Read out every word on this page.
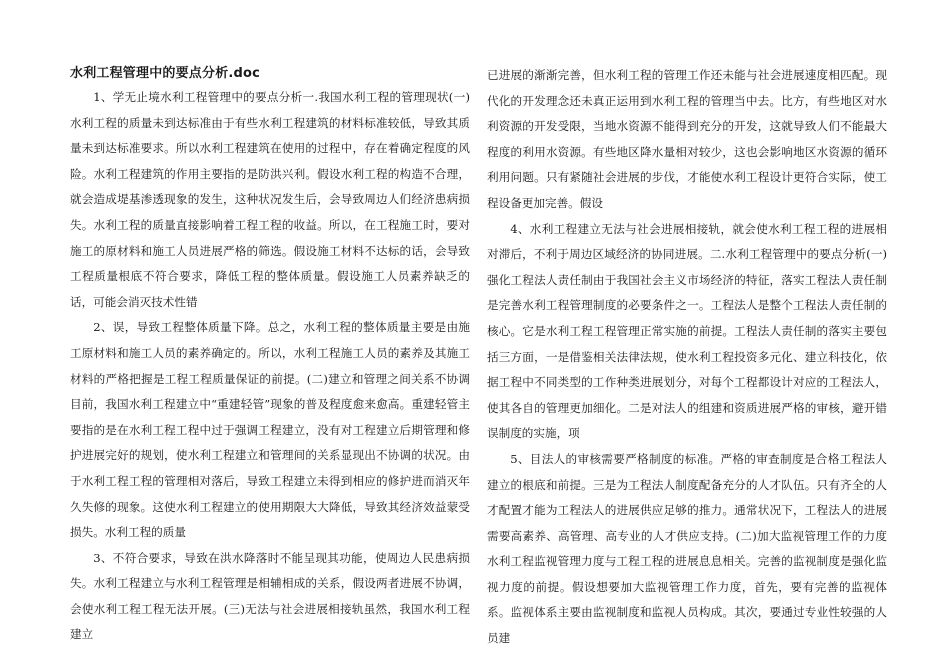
水利工程管理中的要点分析.doc

1、学无止境水利工程管理中的要点分析一.我国水利工程的管理现状(一)水利工程的质量未到达标准由于有些水利工程建筑的材料标准较低，导致其质量未到达标准要求。所以水利工程建筑在使用的过程中，存在着确定程度的风险。水利工程建筑的作用主要指的是防洪兴利。假设水利工程的构造不合理，就会造成堤基渗透现象的发生，这种状况发生后，会导致周边人们经济患病损失。水利工程的质量直接影响着工程工程的收益。所以，在工程施工时，要对施工的原材料和施工人员进展严格的筛选。假设施工材料不达标的话，会导致工程质量根底不符合要求，降低工程的整体质量。假设施工人员素养缺乏的话，可能会消灭技术性错

2、误，导致工程整体质量下降。总之，水利工程的整体质量主要是由施工原材料和施工人员的素养确定的。所以，水利工程施工人员的素养及其施工材料的严格把握是工程工程质量保证的前提。(二)建立和管理之间关系不协调目前，我国水利工程建立中“重建轻管”现象的普及程度愈来愈高。重建轻管主要指的是在水利工程工程中过于强调工程建立，没有对工程建立后期管理和修护进展完好的规划，使水利工程建立和管理间的关系显现出不协调的状况。由于水利工程工程的管理相对落后，导致工程建立未得到相应的修护进而消灭年久失修的现象。这使水利工程建立的使用期限大大降低，导致其经济效益蒙受损失。水利工程的质量

3、不符合要求，导致在洪水降落时不能呈现其功能，使周边人民患病损失。水利工程建立与水利工程管理是相辅相成的关系，假设两者进展不协调，会使水利工程工程无法开展。(三)无法与社会进展相接轨虽然，我国水利工程建立

已进展的渐渐完善，但水利工程的管理工作还未能与社会进展速度相匹配。现代化的开发理念还未真正运用到水利工程的管理当中去。比方，有些地区对水利资源的开发受限，当地水资源不能得到充分的开发，这就导致人们不能最大程度的利用水资源。有些地区降水量相对较少，这也会影响地区水资源的循环利用问题。只有紧随社会进展的步伐，才能使水利工程设计更符合实际，使工程设备更加完善。假设

4、水利工程建立无法与社会进展相接轨，就会使水利工程工程的进展相对滞后，不利于周边区域经济的协同进展。二.水利工程管理中的要点分析(一)强化工程法人责任制由于我国社会主义市场经济的特征，落实工程法人责任制是完善水利工程管理制度的必要条件之一。工程法人是整个工程法人责任制的核心。它是水利工程工程管理正常实施的前提。工程法人责任制的落实主要包括三方面，一是借鉴相关法律法规，使水利工程投资多元化、建立科技化，依据工程中不同类型的工作种类进展划分，对每个工程都设计对应的工程法人，使其各自的管理更加细化。二是对法人的组建和资质进展严格的审核，避开错误制度的实施，项

5、目法人的审核需要严格制度的标准。严格的审查制度是合格工程法人建立的根底和前提。三是为工程法人制度配备充分的人才队伍。只有齐全的人才配置才能为工程法人的进展供应足够的推力。通常状况下，工程法人的进展需要高素养、高管理、高专业的人才供应支持。(二)加大监视管理工作的力度水利工程监视管理力度与工程工程的进展息息相关。完善的监视制度是强化监视力度的前提。假设想要加大监视管理工作力度，首先，要有完善的监视体系。监视体系主要由监视制度和监视人员构成。其次，要通过专业性较强的人员建
